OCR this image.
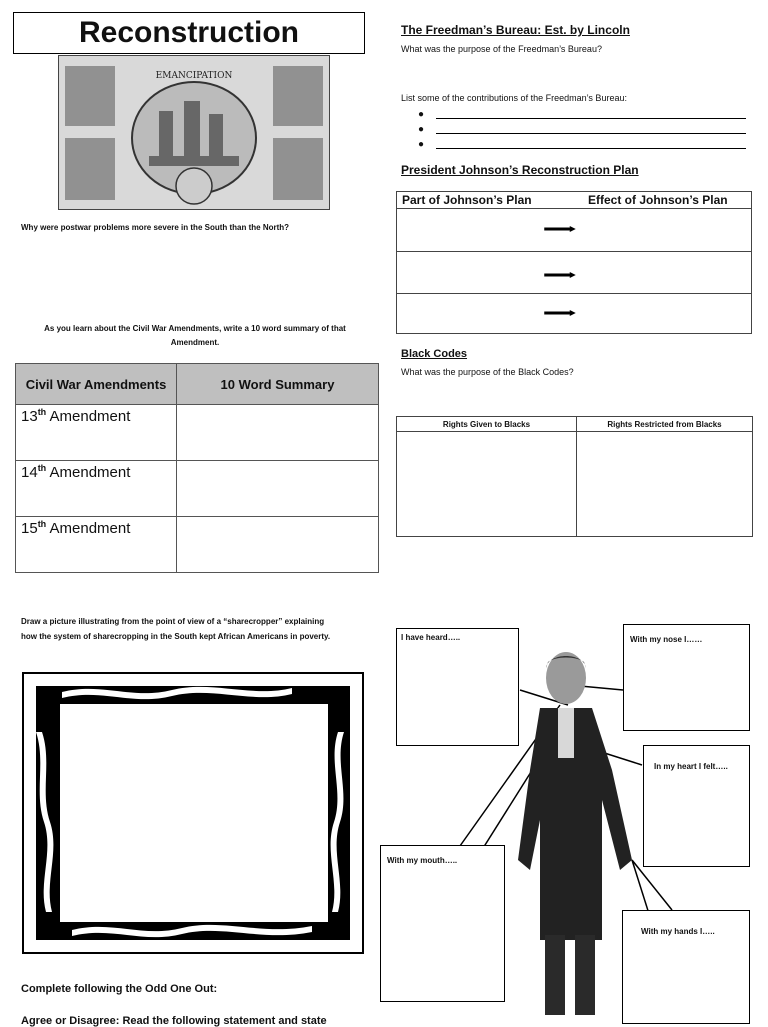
Reconstruction
EMANCIPATION
Why were postwar problems more severe in the South than the North?
As you learn about the Civil War Amendments, write a 10 word summary of that Amendment.
Civil War Amendments	10 Word Summary
13th Amendment	
14th Amendment	
15th Amendment	
Draw a picture illustrating from the point of view of a “sharecropper” explaining how the system of sharecropping in the South kept African Americans in poverty.
Complete following the Odd One Out:
Agree or Disagree: Read the following statement and state
The Freedman’s Bureau: Est. by Lincoln
What was the purpose of the Freedman’s Bureau?
List some of the contributions of the Freedman’s Bureau:
●
●
●
President Johnson’s Reconstruction Plan
Part of Johnson’s Plan	Effect of Johnson’s Plan
Black Codes
What was the purpose of the Black Codes?
Rights Given to Blacks	Rights Restricted from Blacks

I have heard…..	With my nose I……
In my heart I felt…..
With my mouth…..
With my hands I…..
